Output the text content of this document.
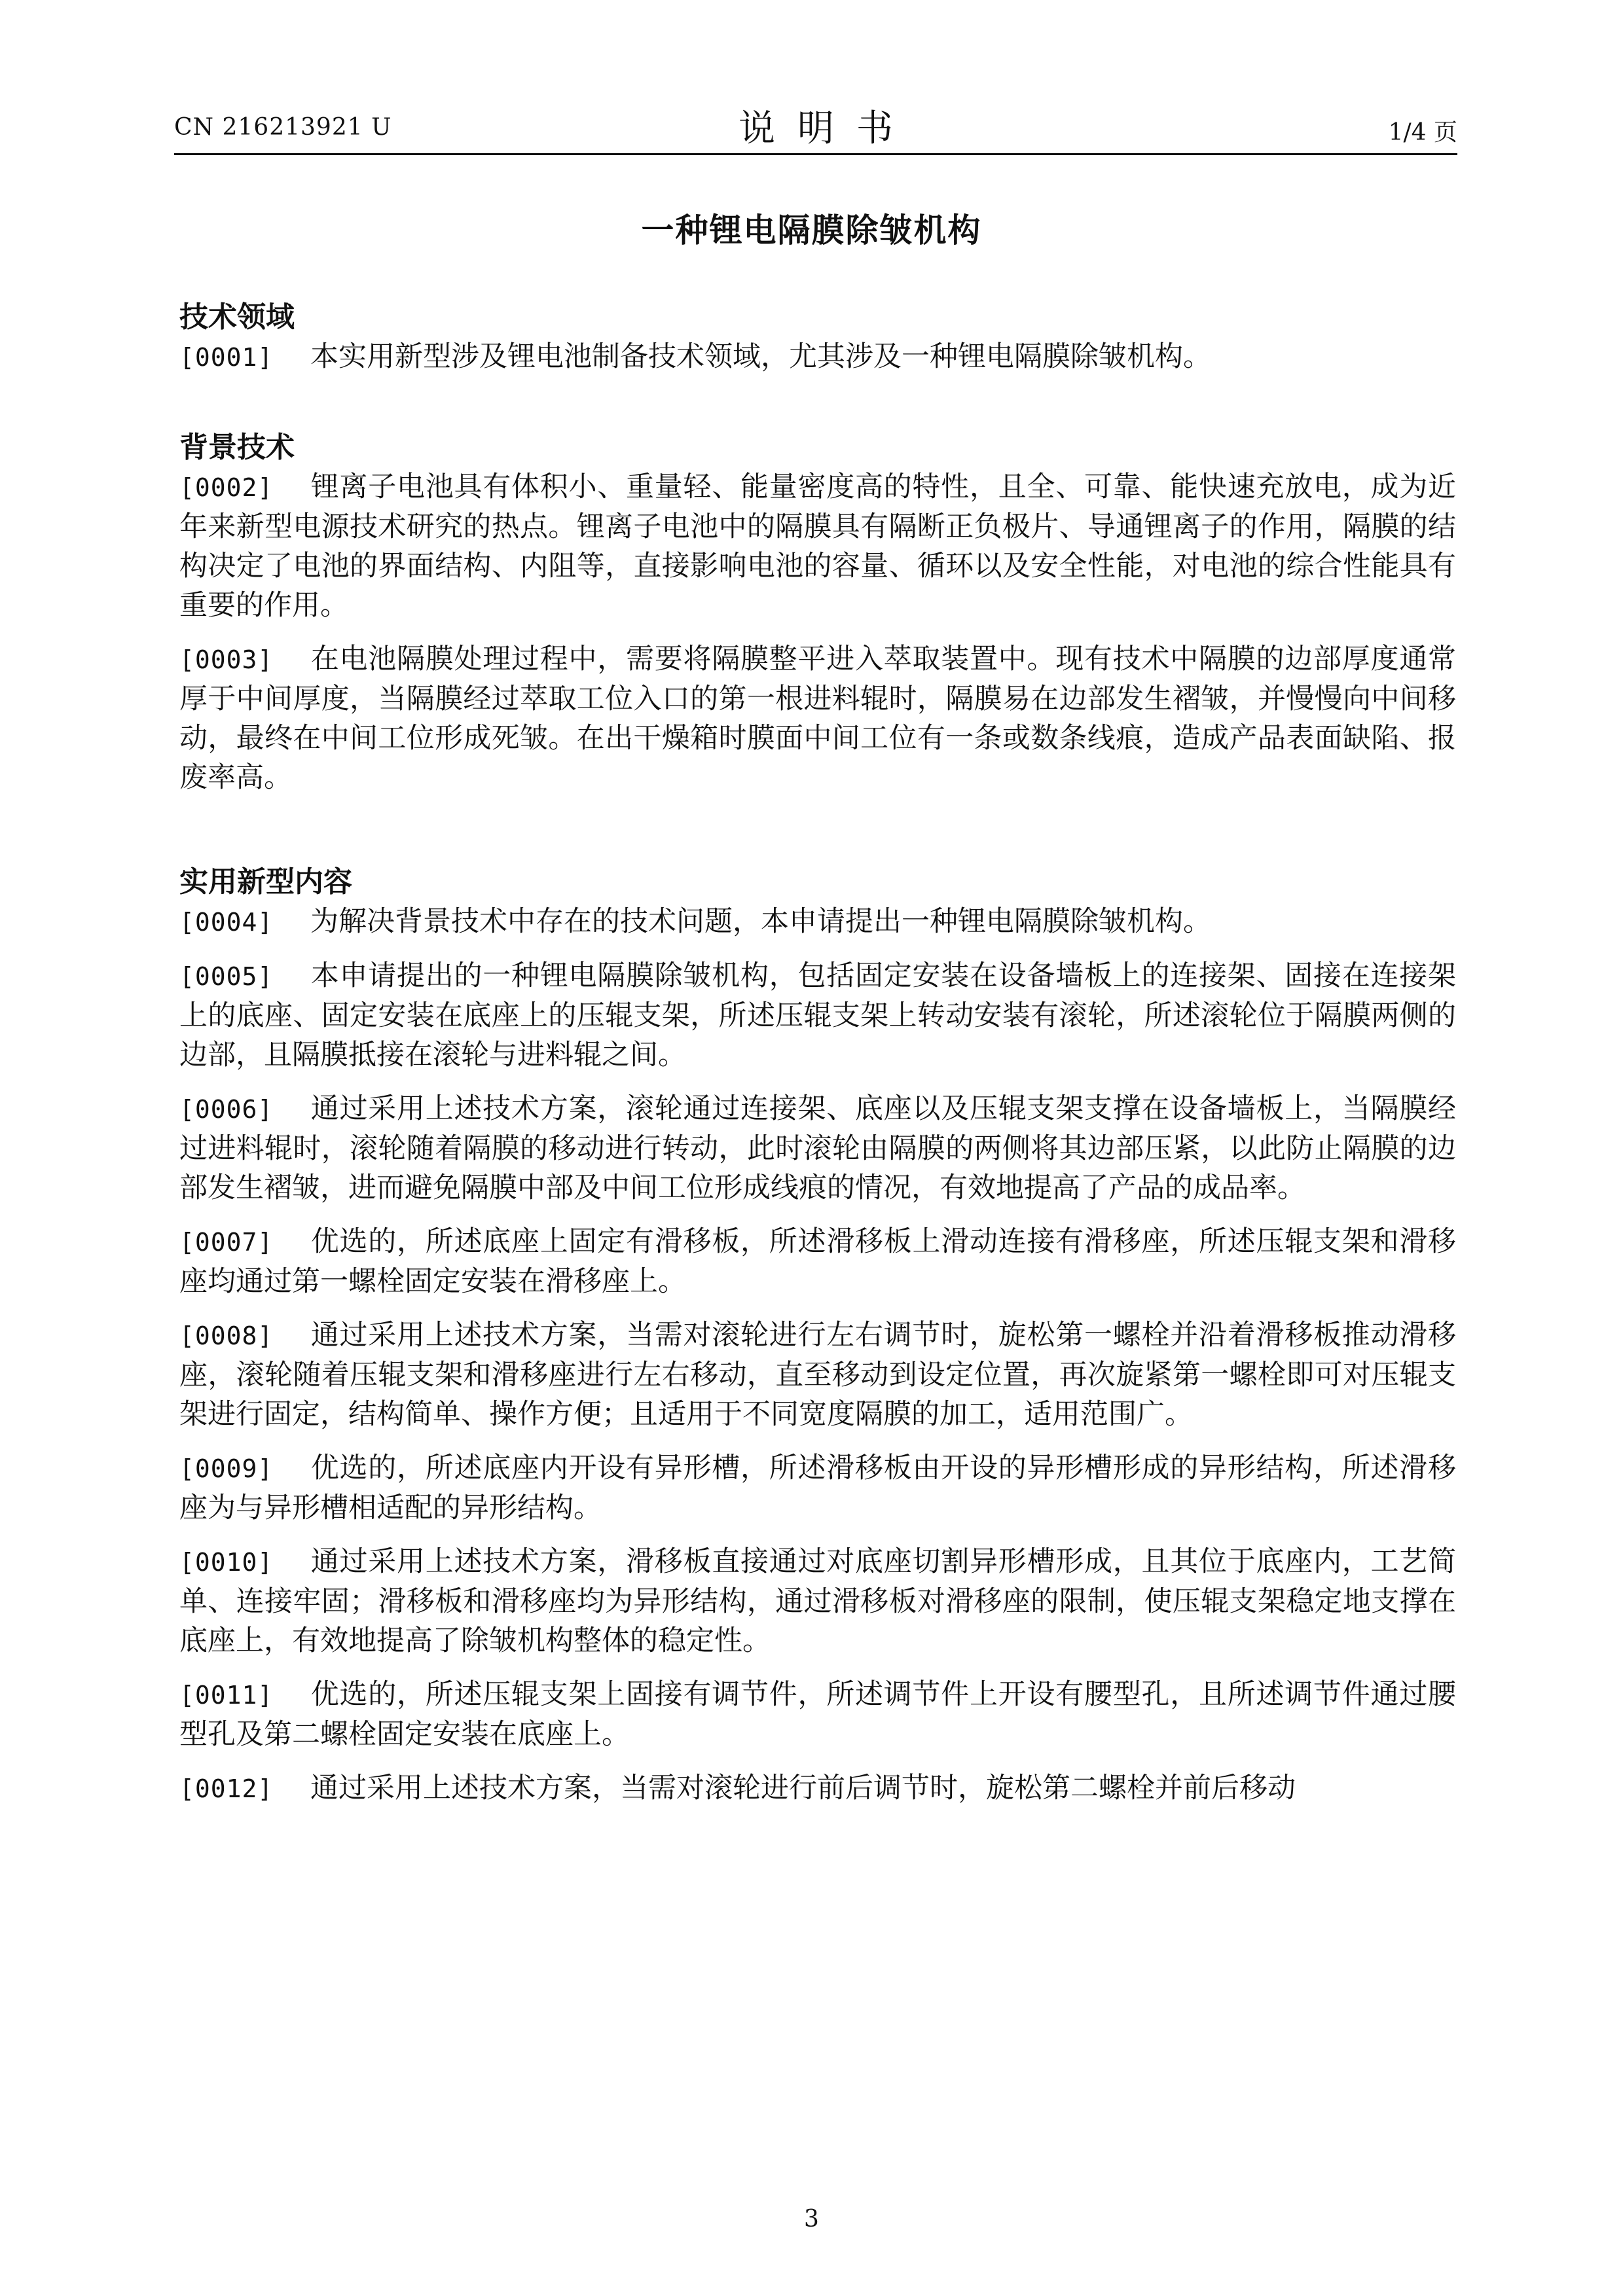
CN 216213921 U	说明书	1/4 页
一种锂电隔膜除皱机构
技术领域

[0001] 本实用新型涉及锂电池制备技术领域，尤其涉及一种锂电隔膜除皱机构。

背景技术

[0002] 锂离子电池具有体积小、重量轻、能量密度高的特性，且全、可靠、能快速充放电，成为近年来新型电源技术研究的热点。锂离子电池中的隔膜具有隔断正负极片、导通锂离子的作用，隔膜的结构决定了电池的界面结构、内阻等，直接影响电池的容量、循环以及安全性能，对电池的综合性能具有重要的作用。

[0003] 在电池隔膜处理过程中，需要将隔膜整平进入萃取装置中。现有技术中隔膜的边部厚度通常厚于中间厚度，当隔膜经过萃取工位入口的第一根进料辊时，隔膜易在边部发生褶皱，并慢慢向中间移动，最终在中间工位形成死皱。在出干燥箱时膜面中间工位有一条或数条线痕，造成产品表面缺陷、报废率高。

实用新型内容

[0004] 为解决背景技术中存在的技术问题，本申请提出一种锂电隔膜除皱机构。

[0005] 本申请提出的一种锂电隔膜除皱机构，包括固定安装在设备墙板上的连接架、固接在连接架上的底座、固定安装在底座上的压辊支架，所述压辊支架上转动安装有滚轮，所述滚轮位于隔膜两侧的边部，且隔膜抵接在滚轮与进料辊之间。

[0006] 通过采用上述技术方案，滚轮通过连接架、底座以及压辊支架支撑在设备墙板上，当隔膜经过进料辊时，滚轮随着隔膜的移动进行转动，此时滚轮由隔膜的两侧将其边部压紧，以此防止隔膜的边部发生褶皱，进而避免隔膜中部及中间工位形成线痕的情况，有效地提高了产品的成品率。

[0007] 优选的，所述底座上固定有滑移板，所述滑移板上滑动连接有滑移座，所述压辊支架和滑移座均通过第一螺栓固定安装在滑移座上。

[0008] 通过采用上述技术方案，当需对滚轮进行左右调节时，旋松第一螺栓并沿着滑移板推动滑移座，滚轮随着压辊支架和滑移座进行左右移动，直至移动到设定位置，再次旋紧第一螺栓即可对压辊支架进行固定，结构简单、操作方便；且适用于不同宽度隔膜的加工，适用范围广。

[0009] 优选的，所述底座内开设有异形槽，所述滑移板由开设的异形槽形成的异形结构，所述滑移座为与异形槽相适配的异形结构。

[0010] 通过采用上述技术方案，滑移板直接通过对底座切割异形槽形成，且其位于底座内，工艺简单、连接牢固；滑移板和滑移座均为异形结构，通过滑移板对滑移座的限制，使压辊支架稳定地支撑在底座上，有效地提高了除皱机构整体的稳定性。

[0011] 优选的，所述压辊支架上固接有调节件，所述调节件上开设有腰型孔，且所述调节件通过腰型孔及第二螺栓固定安装在底座上。

[0012] 通过采用上述技术方案，当需对滚轮进行前后调节时，旋松第二螺栓并前后移动

3
